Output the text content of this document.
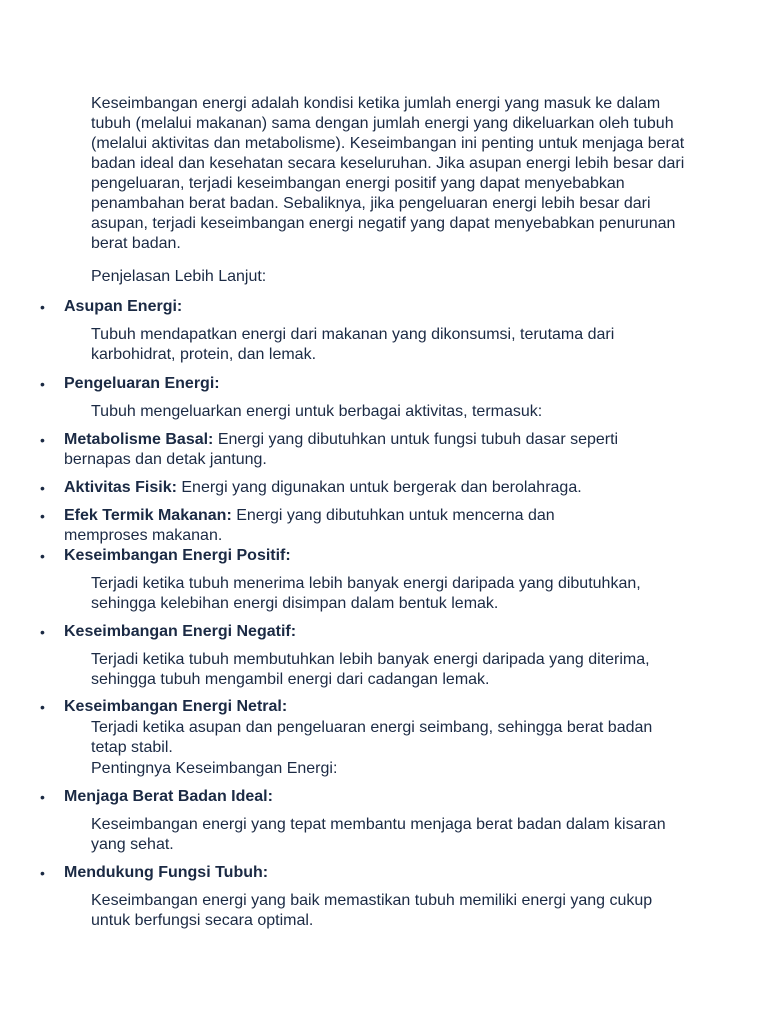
Keseimbangan energi adalah kondisi ketika jumlah energi yang masuk ke dalam tubuh (melalui makanan) sama dengan jumlah energi yang dikeluarkan oleh tubuh (melalui aktivitas dan metabolisme). Keseimbangan ini penting untuk menjaga berat badan ideal dan kesehatan secara keseluruhan. Jika asupan energi lebih besar dari pengeluaran, terjadi keseimbangan energi positif yang dapat menyebabkan penambahan berat badan. Sebaliknya, jika pengeluaran energi lebih besar dari asupan, terjadi keseimbangan energi negatif yang dapat menyebabkan penurunan berat badan.

Penjelasan Lebih Lanjut:

• Asupan Energi:

Tubuh mendapatkan energi dari makanan yang dikonsumsi, terutama dari karbohidrat, protein, dan lemak.

• Pengeluaran Energi:

Tubuh mengeluarkan energi untuk berbagai aktivitas, termasuk:

• Metabolisme Basal: Energi yang dibutuhkan untuk fungsi tubuh dasar seperti bernapas dan detak jantung.

• Aktivitas Fisik: Energi yang digunakan untuk bergerak dan berolahraga.

• Efek Termik Makanan: Energi yang dibutuhkan untuk mencerna dan memproses makanan.

• Keseimbangan Energi Positif:

Terjadi ketika tubuh menerima lebih banyak energi daripada yang dibutuhkan, sehingga kelebihan energi disimpan dalam bentuk lemak.

• Keseimbangan Energi Negatif:

Terjadi ketika tubuh membutuhkan lebih banyak energi daripada yang diterima, sehingga tubuh mengambil energi dari cadangan lemak.

• Keseimbangan Energi Netral:

Terjadi ketika asupan dan pengeluaran energi seimbang, sehingga berat badan tetap stabil.

Pentingnya Keseimbangan Energi:

• Menjaga Berat Badan Ideal:

Keseimbangan energi yang tepat membantu menjaga berat badan dalam kisaran yang sehat.

• Mendukung Fungsi Tubuh:

Keseimbangan energi yang baik memastikan tubuh memiliki energi yang cukup untuk berfungsi secara optimal.
